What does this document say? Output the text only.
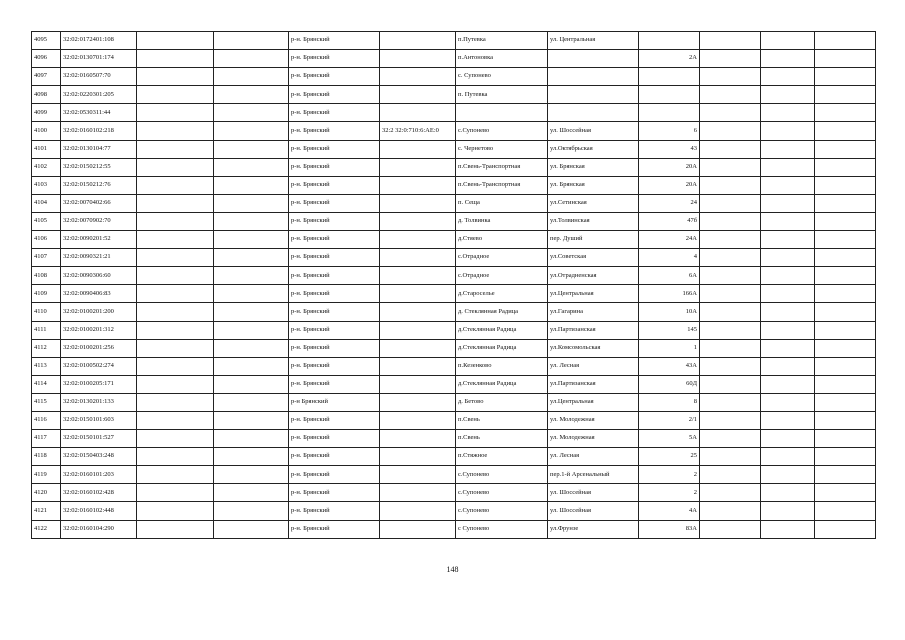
4095	32:02:0172401:108			р-н. Брянский		п.Путевка	ул. Центральная				
4096	32:02:0130701:174			р-н. Брянский		п.Антоновка		2А			
4097	32:02:0160507:70			р-н. Брянский		с. Супонево					
4098	32:02:0220301:205			р-н. Брянский		п. Путевка					
4099	32:02:0530311:44			р-н. Брянский							
4100	32:02:0160102:218			р-н. Брянский	32:2 32:0:710:6:АЕ:0	с.Супонево	ул. Шоссейная	6			
4101	32:02:0130104:77			р-н. Брянский		с. Чернетово	ул.Октябрьская	43			
4102	32:02:0150212:55			р-н. Брянский		п.Свень-Транспортная	ул. Брянская	20А			
4103	32:02:0150212:76			р-н. Брянский		п.Свень-Транспортная	ул. Брянская	20А			
4104	32:02:0070402:66			р-н. Брянский		п. Сеща	ул.Сетинская	24			
4105	32:02:0070902:70			р-н. Брянский		д. Толвинка	ул.Толвинская	47б			
4106	32:02:0090201:52			р-н. Брянский		д.Стяево	пер. Душий	24А			
4107	32:02:0090321:21			р-н. Брянский		с.Отрадное	ул.Советская	4			
4108	32:02:0090306:60			р-н. Брянский		с.Отрадное	ул.Отрадненская	6А			
4109	32:02:0090406:83			р-н. Брянский		д.Староселье	ул.Центральная	166А			
4110	32:02:0100201:200			р-н. Брянский		д. Стеклянная Радица	ул.Гагарина	10А			
4111	32:02:0100201:312			р-н. Брянский		д.Стеклянная Радица	ул.Партизанская	145			
4112	32:02:0100201:256			р-н. Брянский		д.Стеклянная Радица	ул.Комсомольская	1			
4113	32:02:0100502:274			р-н. Брянский		п.Кезенково	ул. Лесная	43А			
4114	32:02:0100205:171			р-н. Брянский		д.Стеклянная Радица	ул.Партизанская	60Д			
4115	32:02:0130201:133			р-н Брянский		д. Бетово	ул.Центральная	8			
4116	32:02:0150101:603			р-н. Брянский		п.Свень	ул. Молодежная	2/1			
4117	32:02:0150101:527			р-н. Брянский		п.Свень	ул. Молодежная	5А			
4118	32:02:0150403:248			р-н. Брянский		п.Стяжное	ул. Лесная	25			
4119	32:02:0160101:203			р-н. Брянский		с.Супонево	пер.1-й Арсенальный	2			
4120	32:02:0160102:428			р-н. Брянский		с.Супонево	ул. Шоссейная	2			
4121	32:02:0160102:448			р-н. Брянский		с.Супонево	ул. Шоссейная	4А			
4122	32:02:0160104:290			р-н. Брянский		с Супонево	ул.Фрунзе	83А			
148
